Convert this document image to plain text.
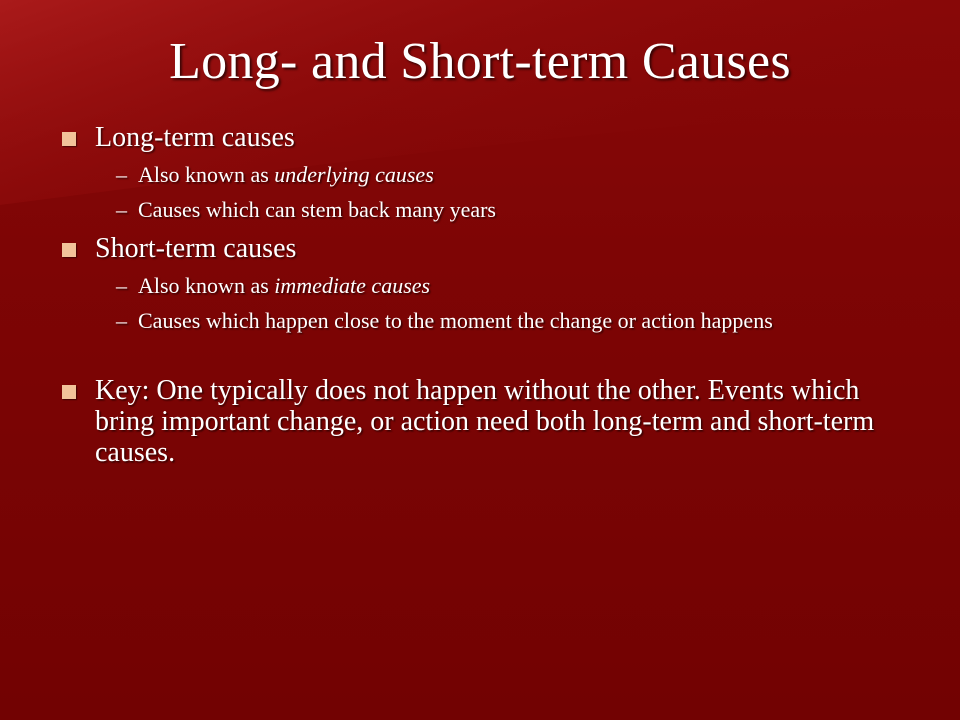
Long- and Short-term Causes
Long-term causes
– Also known as underlying causes
– Causes which can stem back many years
Short-term causes
– Also known as immediate causes
– Causes which happen close to the moment the change or action happens
Key: One typically does not happen without the other. Events which bring important change, or action need both long-term and short-term causes.
